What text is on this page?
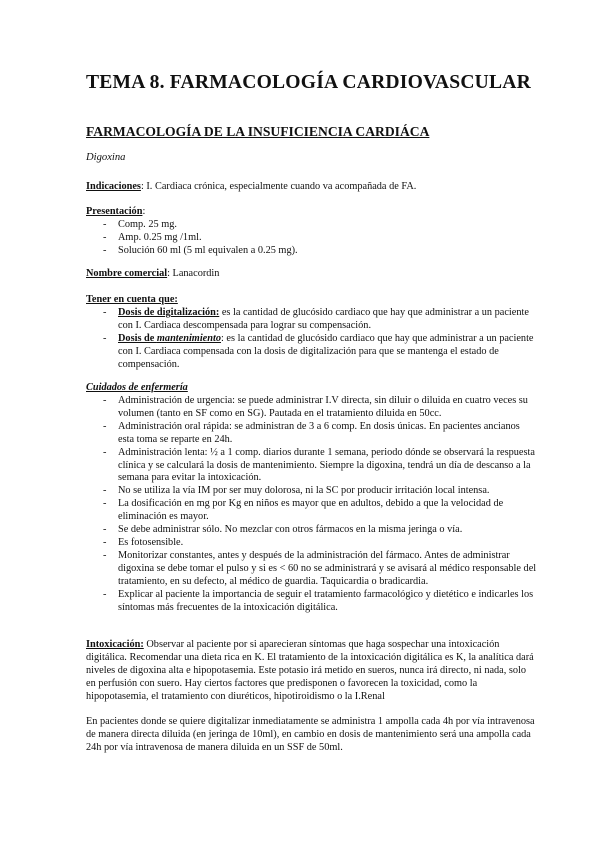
TEMA 8. FARMACOLOGÍA CARDIOVASCULAR
FARMACOLOGÍA DE LA INSUFICIENCIA CARDIÁCA
Digoxina
Indicaciones: I. Cardiaca crónica, especialmente cuando va acompañada de FA.
Presentación:
- Comp. 25 mg.
- Amp. 0.25 mg /1ml.
- Solución 60 ml (5 ml equivalen a 0.25 mg).
Nombre comercial: Lanacordin
Tener en cuenta que:
- Dosis de digitalización: es la cantidad de glucósido cardiaco que hay que administrar a un paciente con I. Cardiaca descompensada para lograr su compensación.
- Dosis de mantenimiento: es la cantidad de glucósido cardiaco que hay que administrar a un paciente con I. Cardiaca compensada con la dosis de digitalización para que se mantenga el estado de compensación.
Cuidados de enfermería
- Administración de urgencia: se puede administrar I.V directa, sin diluir o diluida en cuatro veces su volumen (tanto en SF como en SG). Pautada en el tratamiento diluida en 50cc.
- Administración oral rápida: se administran de 3 a 6 comp. En dosis únicas. En pacientes ancianos esta toma se reparte en 24h.
- Administración lenta: ½ a 1 comp. diarios durante 1 semana, periodo dónde se observará la respuesta clínica y se calculará la dosis de mantenimiento. Siempre la digoxina, tendrá un día de descanso a la semana para evitar la intoxicación.
- No se utiliza la vía IM por ser muy dolorosa, ni la SC por producir irritación local intensa.
- La dosificación en mg por Kg en niños es mayor que en adultos, debido a que la velocidad de eliminación es mayor.
- Se debe administrar sólo. No mezclar con otros fármacos en la misma jeringa o vía.
- Es fotosensible.
- Monitorizar constantes, antes y después de la administración del fármaco. Antes de administrar digoxina se debe tomar el pulso y si es < 60 no se administrará y se avisará al médico responsable del tratamiento, en su defecto, al médico de guardia. Taquicardia o bradicardia.
- Explicar al paciente la importancia de seguir el tratamiento farmacológico y dietético e indicarles los síntomas más frecuentes de la intoxicación digitálica.
Intoxicación: Observar al paciente por si aparecieran síntomas que haga sospechar una intoxicación digitálica. Recomendar una dieta rica en K. El tratamiento de la intoxicación digitálica es K, la analítica dará niveles de digoxina alta e hipopotasemia. Este potasio irá metido en sueros, nunca irá directo, ni nada, solo en perfusión con suero. Hay ciertos factores que predisponen o favorecen la toxicidad, como la hipopotasemia, el tratamiento con diuréticos, hipotiroidismo o la I.Renal
En pacientes donde se quiere digitalizar inmediatamente se administra 1 ampolla cada 4h por vía intravenosa de manera directa diluida (en jeringa de 10ml), en cambio en dosis de mantenimiento será una ampolla cada 24h por vía intravenosa de manera diluida en un SSF de 50ml.
